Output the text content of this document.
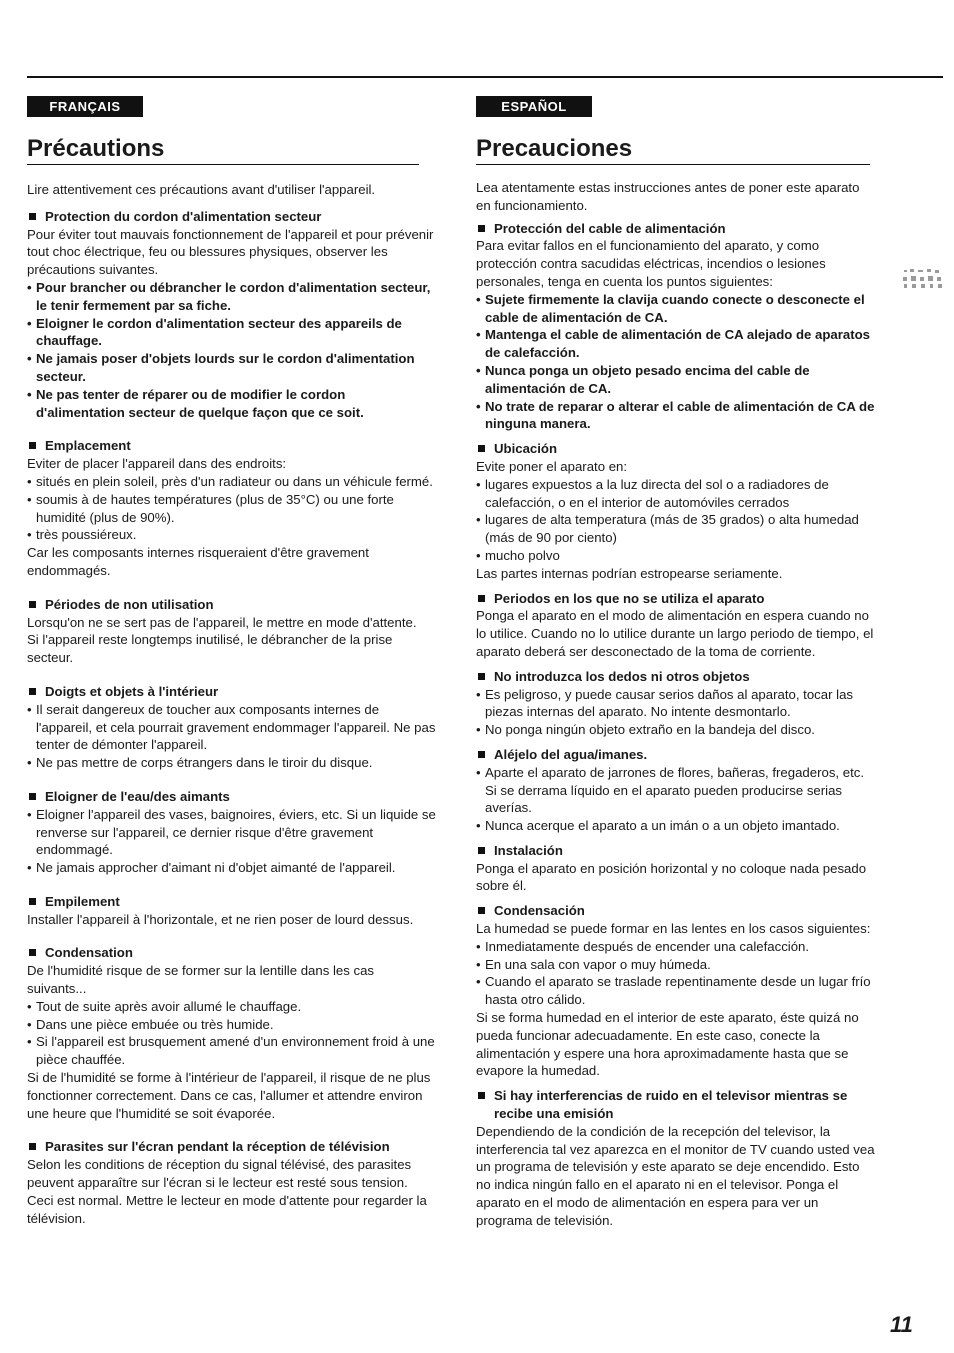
FRANÇAIS
Précautions

Lire attentivement ces précautions avant d'utiliser l'appareil.

Protection du cordon d'alimentation secteur

Pour éviter tout mauvais fonctionnement de l'appareil et pour prévenir tout choc électrique, feu ou blessures physiques, observer les précautions suivantes.

• Pour brancher ou débrancher le cordon d'alimentation secteur, le tenir fermement par sa fiche.
• Eloigner le cordon d'alimentation secteur des appareils de chauffage.
• Ne jamais poser d'objets lourds sur le cordon d'alimentation secteur.
• Ne pas tenter de réparer ou de modifier le cordon d'alimentation secteur de quelque façon que ce soit.
Emplacement

Eviter de placer l'appareil dans des endroits:

• situés en plein soleil, près d'un radiateur ou dans un véhicule fermé.
• soumis à de hautes températures (plus de 35°C) ou une forte humidité (plus de 90%).
• très poussiéreux.

Car les composants internes risqueraient d'être gravement endommagés.

Périodes de non utilisation

Lorsqu'on ne se sert pas de l'appareil, le mettre en mode d'attente.

Si l'appareil reste longtemps inutilisé, le débrancher de la prise secteur.

Doigts et objets à l'intérieur
• Il serait dangereux de toucher aux composants internes de l'appareil, et cela pourrait gravement endommager l'appareil. Ne pas tenter de démonter l'appareil.
• Ne pas mettre de corps étrangers dans le tiroir du disque.
Eloigner de l'eau/des aimants
• Eloigner l'appareil des vases, baignoires, éviers, etc. Si un liquide se renverse sur l'appareil, ce dernier risque d'être gravement endommagé.
• Ne jamais approcher d'aimant ni d'objet aimanté de l'appareil.
Empilement

Installer l'appareil à l'horizontale, et ne rien poser de lourd dessus.

Condensation

De l'humidité risque de se former sur la lentille dans les cas suivants...

• Tout de suite après avoir allumé le chauffage.
• Dans une pièce embuée ou très humide.
• Si l'appareil est brusquement amené d'un environnement froid à une pièce chauffée.

Si de l'humidité se forme à l'intérieur de l'appareil, il risque de ne plus fonctionner correctement. Dans ce cas, l'allumer et attendre environ une heure que l'humidité se soit évaporée.

Parasites sur l'écran pendant la réception de télévision

Selon les conditions de réception du signal télévisé, des parasites peuvent apparaître sur l'écran si le lecteur est resté sous tension. Ceci est normal. Mettre le lecteur en mode d'attente pour regarder la télévision.

ESPAÑOL
Precauciones

Lea atentamente estas instrucciones antes de poner este aparato en funcionamiento.

Protección del cable de alimentación

Para evitar fallos en el funcionamiento del aparato, y como protección contra sacudidas eléctricas, incendios o lesiones personales, tenga en cuenta los puntos siguientes:

• Sujete firmemente la clavija cuando conecte o desconecte el cable de alimentación de CA.
• Mantenga el cable de alimentación de CA alejado de aparatos de calefacción.
• Nunca ponga un objeto pesado encima del cable de alimentación de CA.
• No trate de reparar o alterar el cable de alimentación de CA de ninguna manera.
Ubicación

Evite poner el aparato en:

• lugares expuestos a la luz directa del sol o a radiadores de calefacción, o en el interior de automóviles cerrados
• lugares de alta temperatura (más de 35 grados) o alta humedad (más de 90 por ciento)
• mucho polvo

Las partes internas podrían estropearse seriamente.

Periodos en los que no se utiliza el aparato

Ponga el aparato en el modo de alimentación en espera cuando no lo utilice. Cuando no lo utilice durante un largo periodo de tiempo, el aparato deberá ser desconectado de la toma de corriente.

No introduzca los dedos ni otros objetos
• Es peligroso, y puede causar serios daños al aparato, tocar las piezas internas del aparato. No intente desmontarlo.
• No ponga ningún objeto extraño en la bandeja del disco.
Aléjelo del agua/imanes.
• Aparte el aparato de jarrones de flores, bañeras, fregaderos, etc. Si se derrama líquido en el aparato pueden producirse serias averías.
• Nunca acerque el aparato a un imán o a un objeto imantado.
Instalación

Ponga el aparato en posición horizontal y no coloque nada pesado sobre él.

Condensación

La humedad se puede formar en las lentes en los casos siguientes:

• Inmediatamente después de encender una calefacción.
• En una sala con vapor o muy húmeda.
• Cuando el aparato se traslade repentinamente desde un lugar frío hasta otro cálido.

Si se forma humedad en el interior de este aparato, éste quizá no pueda funcionar adecuadamente. En este caso, conecte la alimentación y espere una hora aproximadamente hasta que se evapore la humedad.

Si hay interferencias de ruido en el televisor mientras se recibe una emisión

Dependiendo de la condición de la recepción del televisor, la interferencia tal vez aparezca en el monitor de TV cuando usted vea un programa de televisión y este aparato se deje encendido. Esto no indica ningún fallo en el aparato ni en el televisor. Ponga el aparato en el modo de alimentación en espera para ver un programa de televisión.

11
